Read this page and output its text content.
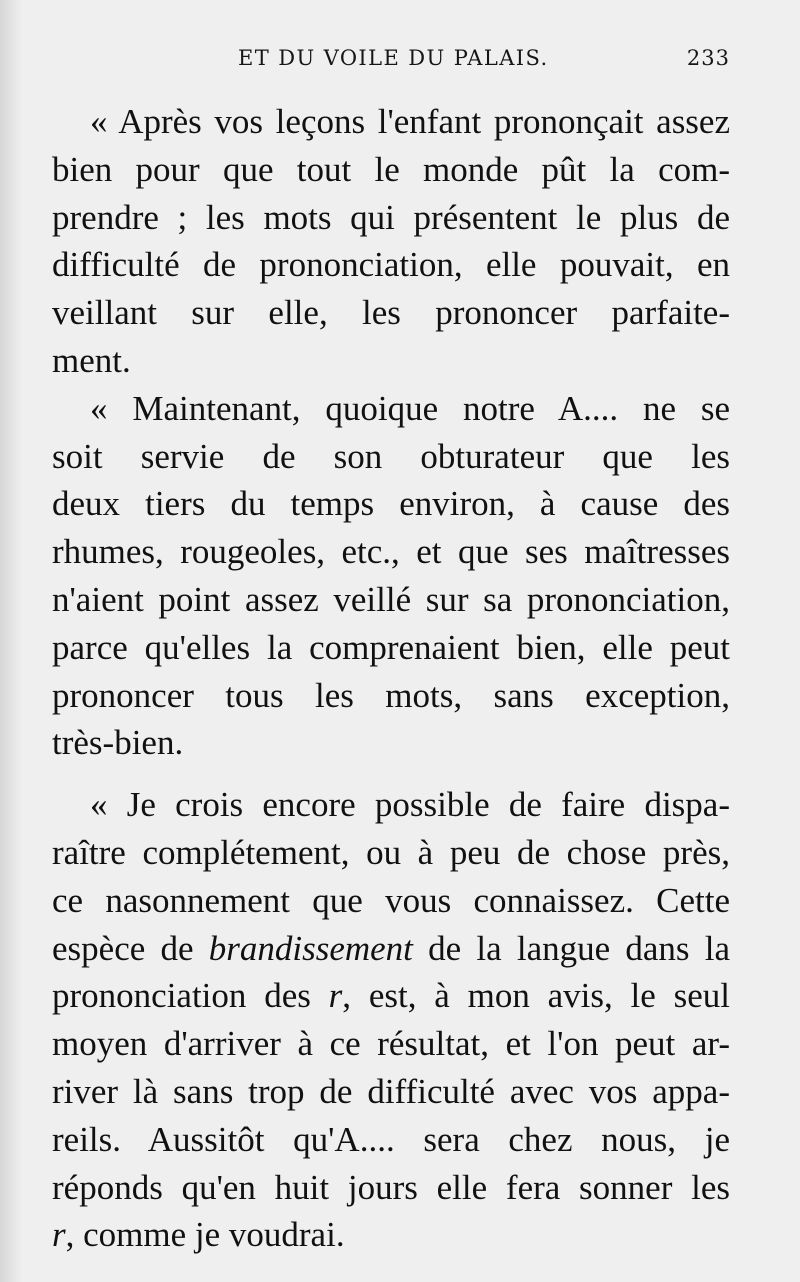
ET DU VOILE DU PALAIS.	233
« Après vos leçons l'enfant prononçait assez
bien pour que tout le monde pût la com-
prendre ; les mots qui présentent le plus de
difficulté de prononciation, elle pouvait, en
veillant sur elle, les prononcer parfaite-
ment.
« Maintenant, quoique notre A.... ne se
soit servie de son obturateur que les
deux tiers du temps environ, à cause des
rhumes, rougeoles, etc., et que ses maîtresses
n'aient point assez veillé sur sa prononciation,
parce qu'elles la comprenaient bien, elle peut
prononcer tous les mots, sans exception,
très-bien.
« Je crois encore possible de faire dispa-
raître complétement, ou à peu de chose près,
ce nasonnement que vous connaissez. Cette
espèce de brandissement de la langue dans la
prononciation des r, est, à mon avis, le seul
moyen d'arriver à ce résultat, et l'on peut ar-
river là sans trop de difficulté avec vos appa-
reils. Aussitôt qu'A.... sera chez nous, je
réponds qu'en huit jours elle fera sonner les
r, comme je voudrai.
